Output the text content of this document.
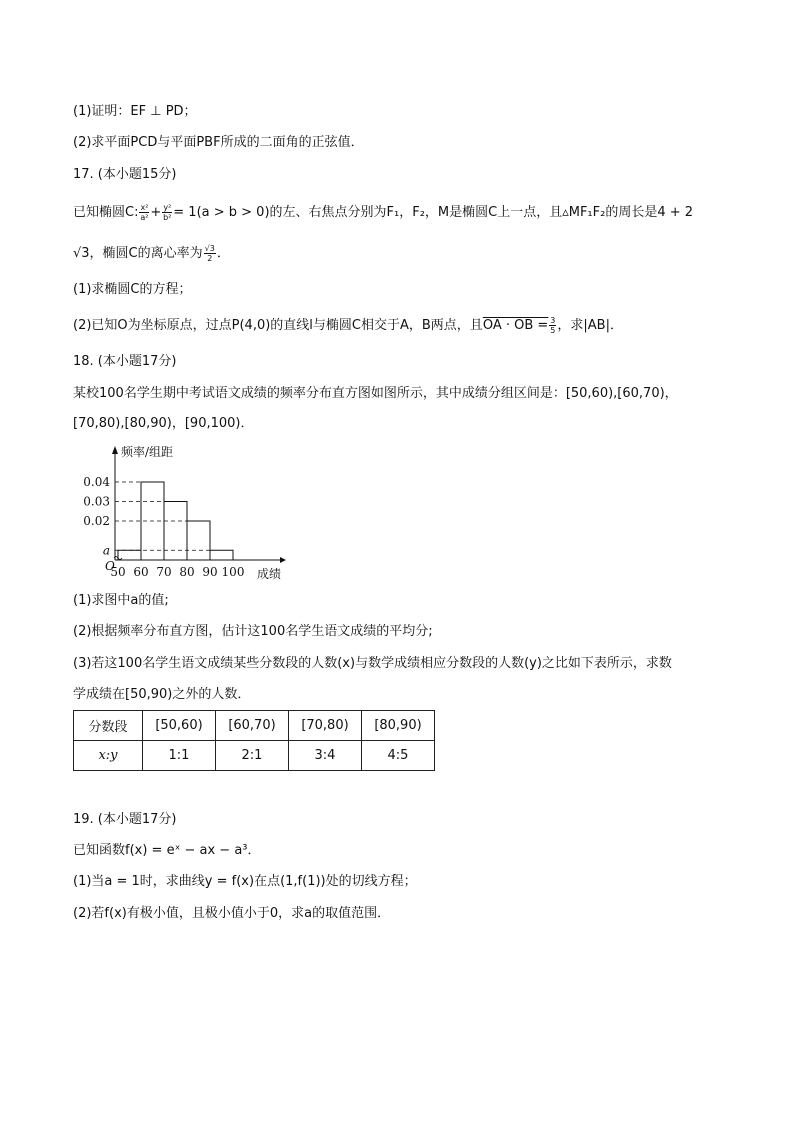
(1)证明：EF ⊥ PD；
(2)求平面PCD与平面PBF所成的二面角的正弦值．
17. (本小题15分)
已知椭圆C: $\frac{\text{x²}}{\text{a²}} + \frac{\text{y²}}{\text{b²}} = 1(a > b > 0)$的左、右焦点分别为F₁，F₂，M是椭圆C上一点，且▵MF₁F₂的周长是4 + 2
√3，椭圆C的离心率为 $\frac{√3}{2}$ ．
(1)求椭圆C的方程；
(2)已知O为坐标原点，过点P(4,0)的直线l与椭圆C相交于A，B两点，且OA · OB = $\frac{3}{5}$ ，求|AB|．
18. (本小题17分)
某校100名学生期中考试语文成绩的频率分布直方图如图所示，其中成绩分组区间是：[50,60),[60,70)，
[70,80),[80,90)，[90,100)．
0.04
0.03
0.02
a
50 60 70 80 90 100
O
频率/组距
成绩
(1)求图中a的值;
(2)根据频率分布直方图，估计这100名学生语文成绩的平均分;
(3)若这100名学生语文成绩某些分数段的人数(x)与数学成绩相应分数段的人数(y)之比如下表所示，求数
学成绩在[50,90)之外的人数．
分数段	[50,60)	[60,70)	[70,80)	[80,90)
x:y	1:1	2:1	3:4	4:5
19. (本小题17分)
已知函数f(x) = eˣ − ax − a³．
(1)当a = 1时，求曲线y = f(x)在点(1,f(1))处的切线方程；
(2)若f(x)有极小值，且极小值小于0，求a的取值范围．
